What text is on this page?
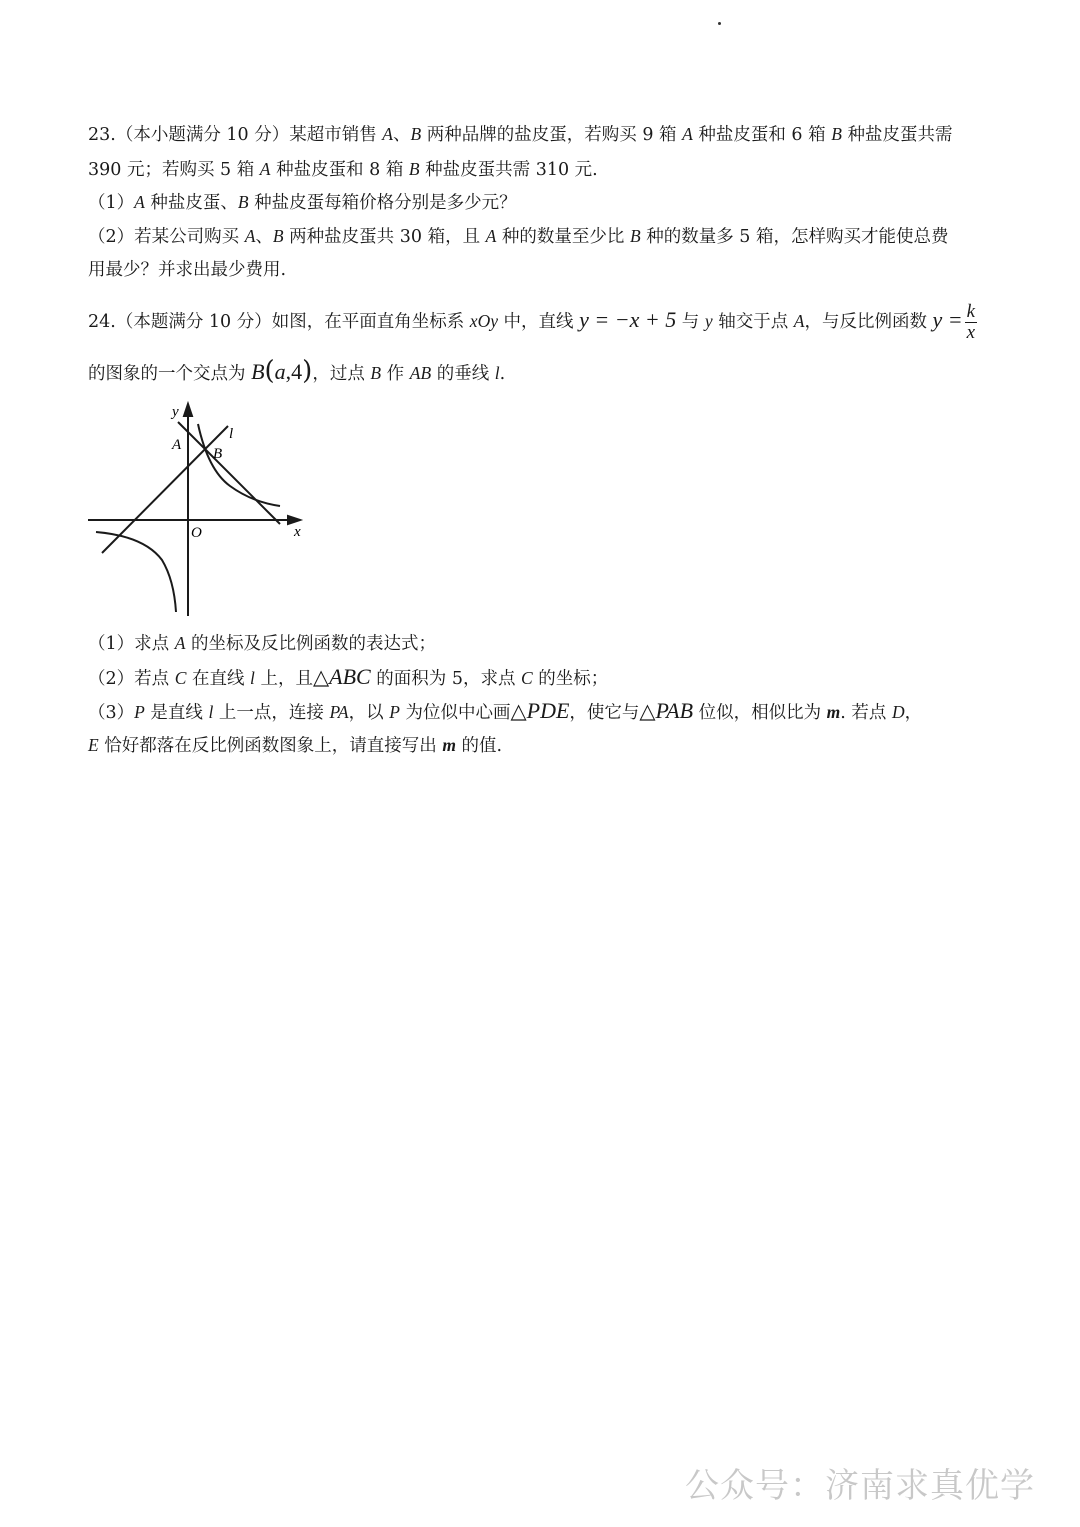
23.（本小题满分 10 分）某超市销售 A、B 两种品牌的盐皮蛋，若购买 9 箱 A 种盐皮蛋和 6 箱 B 种盐皮蛋共需
390 元；若购买 5 箱 A 种盐皮蛋和 8 箱 B 种盐皮蛋共需 310 元.
（1）A 种盐皮蛋、B 种盐皮蛋每箱价格分别是多少元？
（2）若某公司购买 A、B 两种盐皮蛋共 30 箱，且 A 种的数量至少比 B 种的数量多 5 箱，怎样购买才能使总费
用最少？并求出最少费用.
24.（本题满分 10 分）如图，在平面直角坐标系 xOy 中，直线 y = −x + 5 与 y 轴交于点 A，与反比例函数 $y = \frac{k}{x}$
的图象的一个交点为 B(a,4)，过点 B 作 AB 的垂线 l.
y
x
O
A
B
l
（1）求点 A 的坐标及反比例函数的表达式；
（2）若点 C 在直线 l 上，且△ABC 的面积为 5，求点 C 的坐标；
（3）P 是直线 l 上一点，连接 PA，以 P 为位似中心画△PDE，使它与△PAB 位似，相似比为 m. 若点 D，
E 恰好都落在反比例函数图象上，请直接写出 m 的值.
公众号：济南求真优学
